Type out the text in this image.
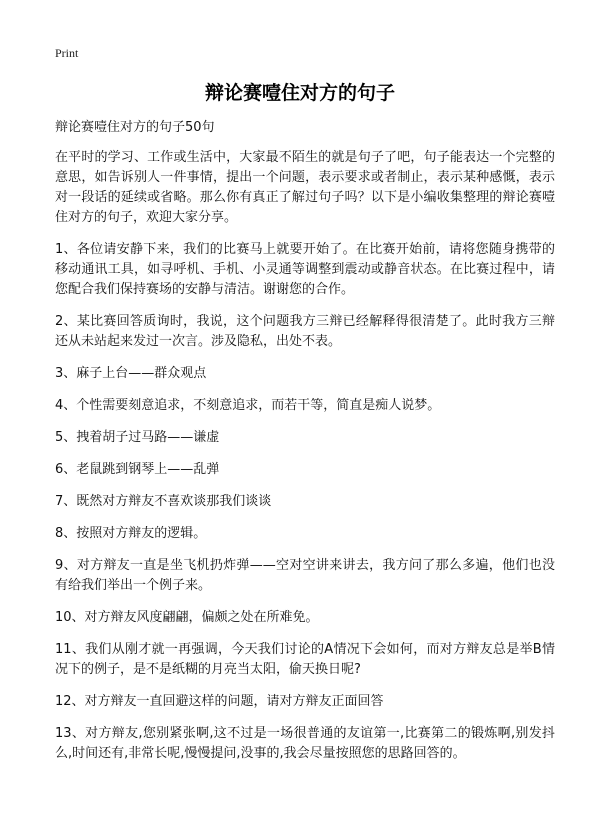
Print
辩论赛噎住对方的句子

辩论赛噎住对方的句子50句

在平时的学习、工作或生活中，大家最不陌生的就是句子了吧，句子能表达一个完整的意思，如告诉别人一件事情，提出一个问题，表示要求或者制止，表示某种感慨，表示对一段话的延续或省略。那么你有真正了解过句子吗？以下是小编收集整理的辩论赛噎住对方的句子，欢迎大家分享。

1、各位请安静下来，我们的比赛马上就要开始了。在比赛开始前，请将您随身携带的移动通讯工具，如寻呼机、手机、小灵通等调整到震动或静音状态。在比赛过程中，请您配合我们保持赛场的安静与清洁。谢谢您的合作。

2、某比赛回答质询时，我说，这个问题我方三辩已经解释得很清楚了。此时我方三辩还从未站起来发过一次言。涉及隐私，出处不表。

3、麻子上台——群众观点

4、个性需要刻意追求，不刻意追求，而若干等，简直是痴人说梦。

5、拽着胡子过马路——谦虚

6、老鼠跳到钢琴上——乱弹

7、既然对方辩友不喜欢谈那我们谈谈

8、按照对方辩友的逻辑。

9、对方辩友一直是坐飞机扔炸弹——空对空讲来讲去，我方问了那么多遍，他们也没有给我们举出一个例子来。

10、对方辩友风度翩翩，偏颇之处在所难免。

11、我们从刚才就一再强调，今天我们讨论的A情况下会如何，而对方辩友总是举B情况下的例子，是不是纸糊的月亮当太阳，偷天换日呢?

12、对方辩友一直回避这样的问题，请对方辩友正面回答

13、对方辩友,您别紧张啊,这不过是一场很普通的友谊第一,比赛第二的锻炼啊,别发抖么,时间还有,非常长呢,慢慢提问,没事的,我会尽量按照您的思路回答的。
